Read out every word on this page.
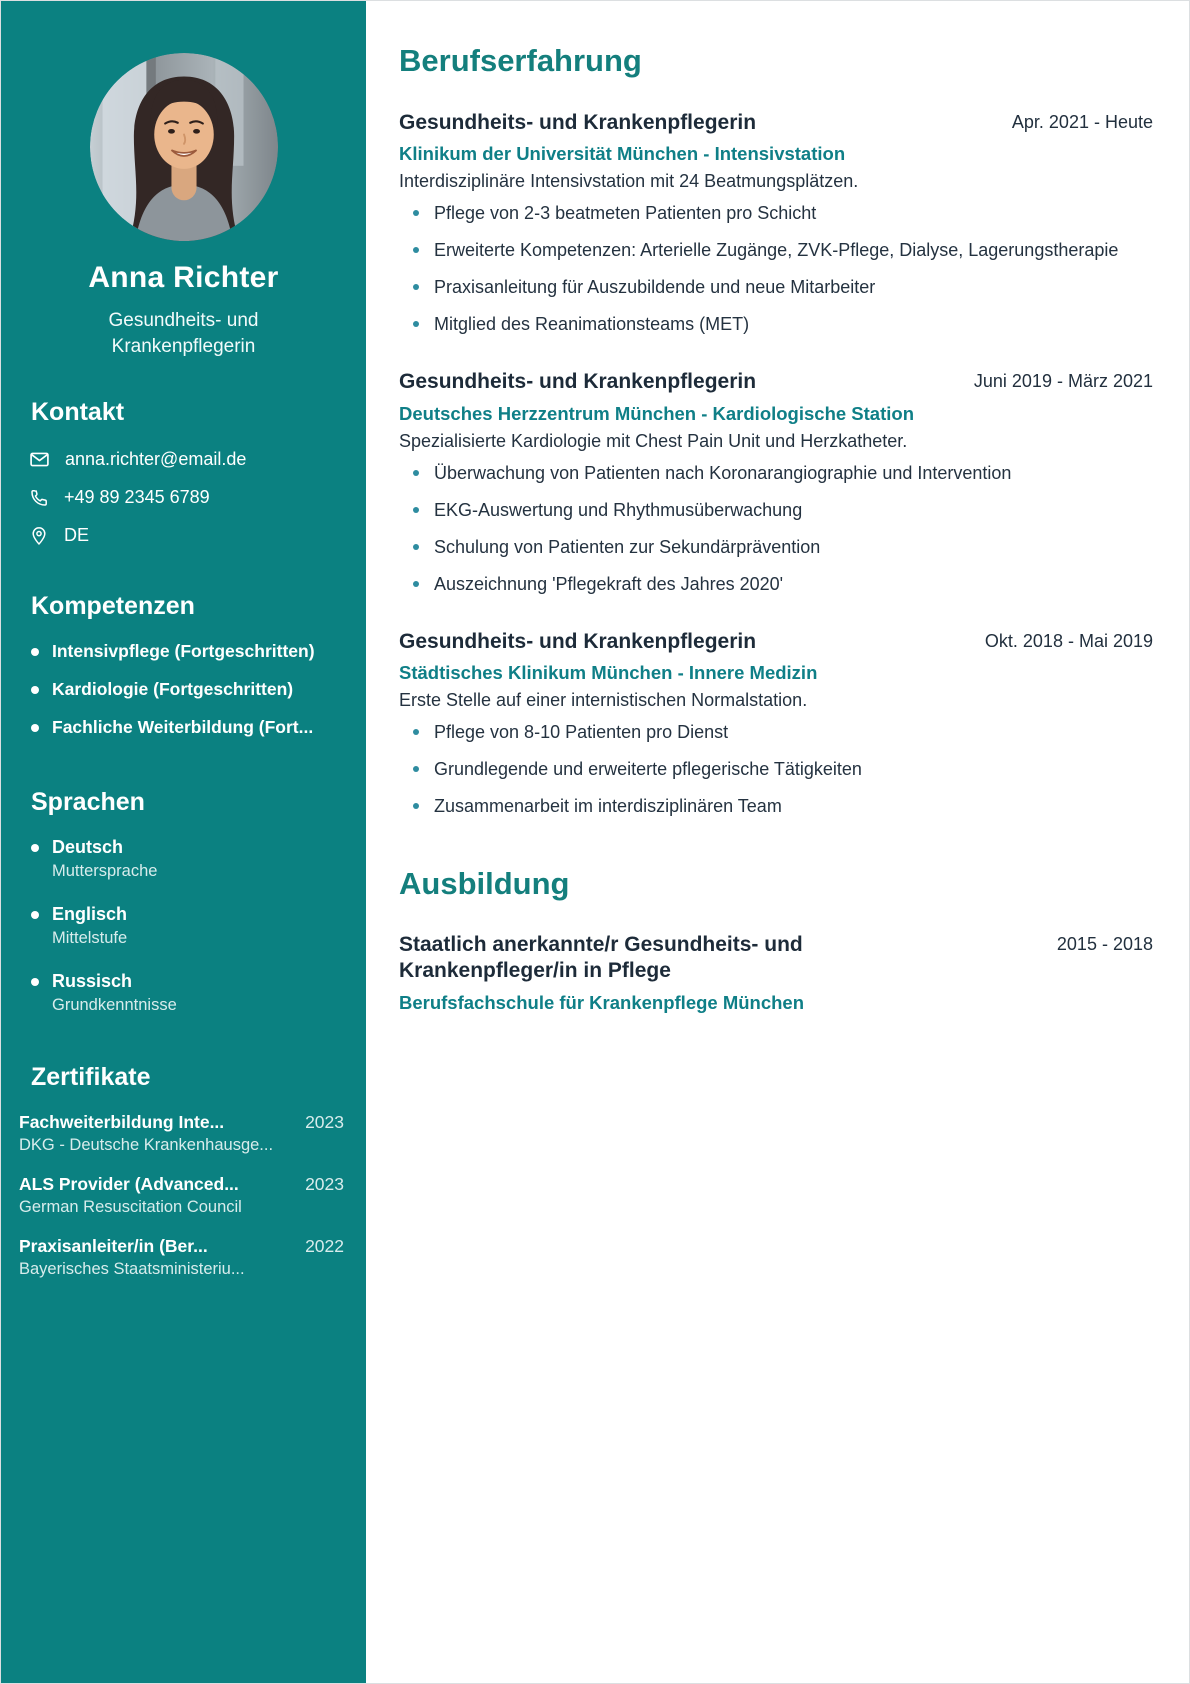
Anna Richter
Gesundheits- und Krankenpflegerin
Kontakt
anna.richter@email.de
+49 89 2345 6789
DE
Kompetenzen
Intensivpflege (Fortgeschritten)
Kardiologie (Fortgeschritten)
Fachliche Weiterbildung (Fort...
Sprachen
Deutsch
Muttersprache
Englisch
Mittelstufe
Russisch
Grundkenntnisse
Zertifikate
Fachweiterbildung Inte...	2023
DKG - Deutsche Krankenhausge...
ALS Provider (Advanced...	2023
German Resuscitation Council
Praxisanleiter/in (Ber...	2022
Bayerisches Staatsministeriu...
Berufserfahrung
Gesundheits- und Krankenpflegerin	Apr. 2021 - Heute
Klinikum der Universität München - Intensivstation
Interdisziplinäre Intensivstation mit 24 Beatmungsplätzen.
Pflege von 2-3 beatmeten Patienten pro Schicht
Erweiterte Kompetenzen: Arterielle Zugänge, ZVK-Pflege, Dialyse, Lagerungstherapie
Praxisanleitung für Auszubildende und neue Mitarbeiter
Mitglied des Reanimationsteams (MET)
Gesundheits- und Krankenpflegerin	Juni 2019 - März 2021
Deutsches Herzzentrum München - Kardiologische Station
Spezialisierte Kardiologie mit Chest Pain Unit und Herzkatheter.
Überwachung von Patienten nach Koronarangiographie und Intervention
EKG-Auswertung und Rhythmusüberwachung
Schulung von Patienten zur Sekundärprävention
Auszeichnung 'Pflegekraft des Jahres 2020'
Gesundheits- und Krankenpflegerin	Okt. 2018 - Mai 2019
Städtisches Klinikum München - Innere Medizin
Erste Stelle auf einer internistischen Normalstation.
Pflege von 8-10 Patienten pro Dienst
Grundlegende und erweiterte pflegerische Tätigkeiten
Zusammenarbeit im interdisziplinären Team
Ausbildung
Staatlich anerkannte/r Gesundheits- und Krankenpfleger/in in Pflege
2015 - 2018
Berufsfachschule für Krankenpflege München
